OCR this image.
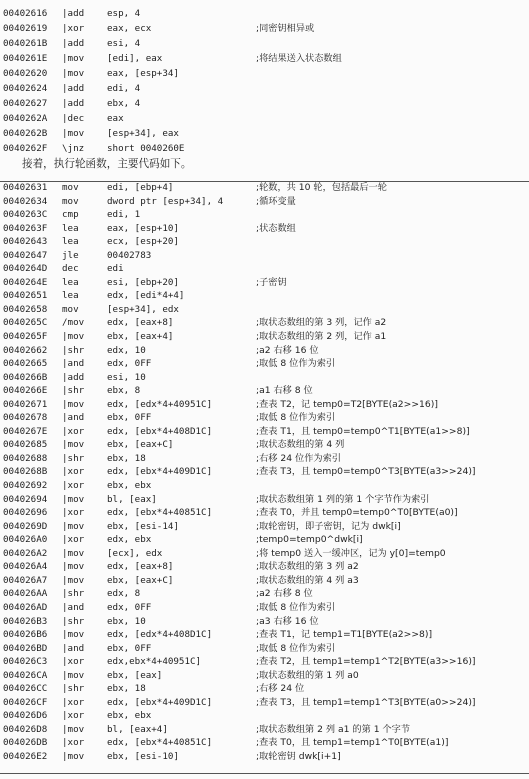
00402616 |add esp, 4
00402619 |xor eax, ecx	;同密钥相异或
0040261B |add esi, 4
0040261E |mov [edi], eax	;将结果送入状态数组
00402620 |mov eax, [esp+34]
00402624 |add edi, 4
00402627 |add ebx, 4
0040262A |dec eax
0040262B |mov [esp+34], eax
0040262F \jnz short 0040260E
接着，执行轮函数，主要代码如下。
00402631 mov	edi, [ebp+4]	;轮数，共 10 轮，包括最后一轮
00402634 mov	dword ptr [esp+34], 4	;循环变量
0040263C cmp	edi, 1
0040263F lea	eax, [esp+10]	;状态数组
00402643 lea	ecx, [esp+20]
00402647 jle	00402783
0040264D dec	edi
0040264E lea	esi, [ebp+20]	;子密钥
00402651 lea	edx, [edi*4+4]
00402658 mov	[esp+34], edx
0040265C /mov edx, [eax+8]	;取状态数组的第 3 列，记作 a2
0040265F |mov ebx, [eax+4]	;取状态数组的第 2 列，记作 a1
00402662 |shr edx, 10	;a2 右移 16 位
00402665 |and edx, 0FF	;取低 8 位作为索引
0040266B |add esi, 10
0040266E |shr ebx, 8	;a1 右移 8 位
00402671 |mov edx, [edx*4+40951C]	;查表 T2，记 temp0=T2[BYTE(a2>>16)]
00402678 |and ebx, 0FF	;取低 8 位作为索引
0040267E |xor edx, [ebx*4+408D1C]	;查表 T1，且 temp0=temp0^T1[BYTE(a1>>8)]
00402685 |mov ebx, [eax+C]	;取状态数组的第 4 列
00402688 |shr ebx, 18	;右移 24 位作为索引
0040268B |xor edx, [ebx*4+409D1C]	;查表 T3，且 temp0=temp0^T3[BYTE(a3>>24)]
00402692 |xor ebx, ebx
00402694 |mov bl, [eax]	;取状态数组第 1 列的第 1 个字节作为索引
00402696 |xor edx, [ebx*4+40851C]	;查表 T0，并且 temp0=temp0^T0[BYTE(a0)]
0040269D |mov ebx, [esi-14]	;取轮密钥，即子密钥，记为 dwk[i]
004026A0 |xor edx, ebx	;temp0=temp0^dwk[i]
004026A2 |mov [ecx], edx	;将 temp0 送入一缓冲区，记为 y[0]=temp0
004026A4 |mov edx, [eax+8]	;取状态数组的第 3 列 a2
004026A7 |mov ebx, [eax+C]	;取状态数组的第 4 列 a3
004026AA |shr edx, 8	;a2 右移 8 位
004026AD |and edx, 0FF	;取低 8 位作为索引
004026B3 |shr ebx, 10	;a3 右移 16 位
004026B6 |mov edx, [edx*4+408D1C]	;查表 T1，记 temp1=T1[BYTE(a2>>8)]
004026BD |and ebx, 0FF	;取低 8 位作为索引
004026C3 |xor edx,ebx*4+40951C]	;查表 T2，且 temp1=temp1^T2[BYTE(a3>>16)]
004026CA |mov ebx, [eax]	;取状态数组的第 1 列 a0
004026CC |shr ebx, 18	;右移 24 位
004026CF |xor edx, [ebx*4+409D1C]	;查表 T3，且 temp1=temp1^T3[BYTE(a0>>24)]
004026D6 |xor ebx, ebx
004026D8 |mov bl, [eax+4]	;取状态数组第 2 列 a1 的第 1 个字节
004026DB |xor edx, [ebx*4+40851C]	;查表 T0，且 temp1=temp1^T0[BYTE(a1)]
004026E2 |mov ebx, [esi-10]	;取轮密钥 dwk[i+1]
